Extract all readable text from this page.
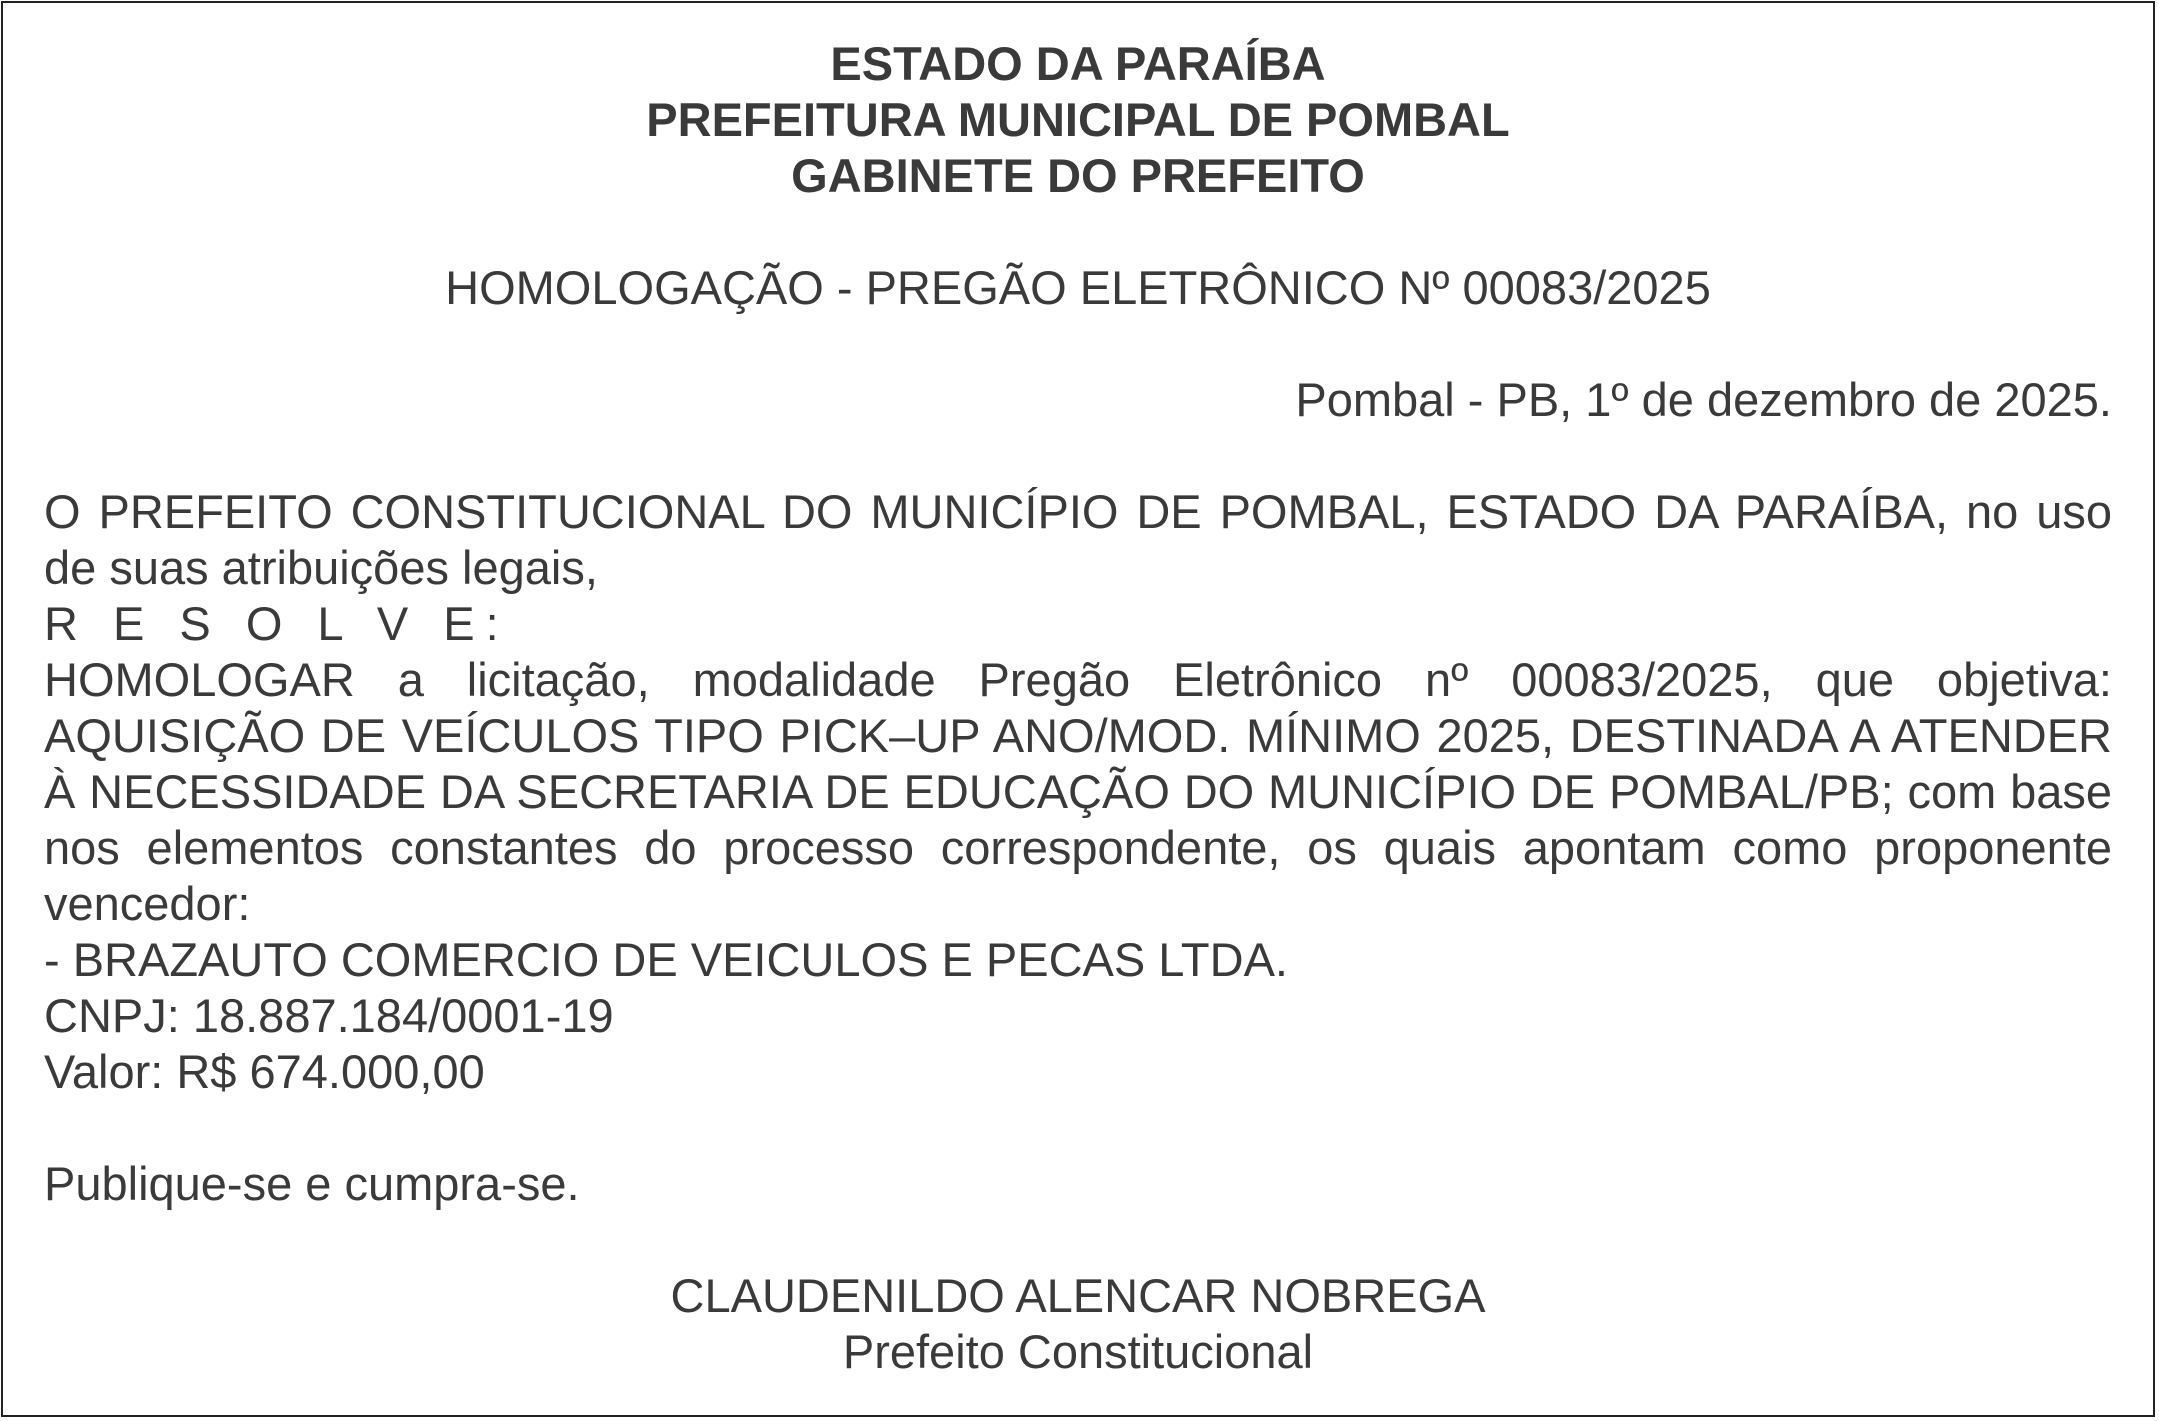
ESTADO DA PARAÍBA
PREFEITURA MUNICIPAL DE POMBAL
GABINETE DO PREFEITO
HOMOLOGAÇÃO - PREGÃO ELETRÔNICO Nº 00083/2025
Pombal - PB, 1º de dezembro de 2025.

O PREFEITO CONSTITUCIONAL DO MUNICÍPIO DE POMBAL, ESTADO DA PARAÍBA, no uso de suas atribuições legais,

R E S O L V E:

HOMOLOGAR a licitação, modalidade Pregão Eletrônico nº 00083/2025, que objetiva: AQUISIÇÃO DE VEÍCULOS TIPO PICK–UP ANO/MOD. MÍNIMO 2025, DESTINADA A ATENDER À NECESSIDADE DA SECRETARIA DE EDUCAÇÃO DO MUNICÍPIO DE POMBAL/PB; com base nos elementos constantes do processo correspondente, os quais apontam como proponente vencedor:

- BRAZAUTO COMERCIO DE VEICULOS E PECAS LTDA.

CNPJ: 18.887.184/0001-19

Valor: R$ 674.000,00

Publique-se e cumpra-se.
CLAUDENILDO ALENCAR NOBREGA
Prefeito Constitucional
